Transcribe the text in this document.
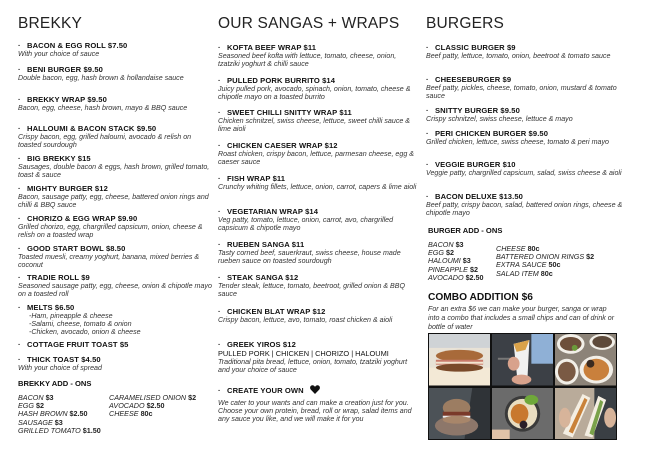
BREKKY
· BACON & EGG ROLL $7.50
With your choice of sauce
· BENI BURGER $9.50
Double bacon, egg, hash brown & hollandaise sauce
· BREKKY WRAP $9.50
Bacon, egg, cheese, hash brown, mayo & BBQ sauce
· HALLOUMI & BACON STACK $9.50
Crispy bacon, egg, grilled haloumi, avocado & relish on toasted sourdough
· BIG BREKKY $15
Sausages, double bacon & eggs, hash brown, grilled tomato, toast & sauce
· MIGHTY BURGER $12
Bacon, sausage patty, egg, cheese, battered onion rings and chilli & BBQ sauce
· CHORIZO & EGG WRAP $9.90
Grilled chorizo, egg, chargrilled capsicum, onion, cheese & relish on a toasted wrap
· GOOD START BOWL $8.50
Toasted muesli, creamy yoghurt, banana, mixed berries & coconut
· TRADIE ROLL $9
Seasoned sausage patty, egg, cheese, onion & chipotle mayo on a toasted roll
· MELTS $6.50
-Ham, pineapple & cheese
-Salami, cheese, tomato & onion
-Chicken, avocado, onion & cheese
· COTTAGE FRUIT TOAST $5
· THICK TOAST $4.50
With your choice of spread
BREKKY ADD - ONS
BACON $3
EGG $2
HASH BROWN $2.50
SAUSAGE $3
GRILLED TOMATO $1.50
CARAMELISED ONION $2
AVOCADO $2.50
CHEESE 80c
OUR SANGAS + WRAPS
· KOFTA BEEF WRAP $11
Seasoned beef kofta with lettuce, tomato, cheese, onion, tzatziki yoghurt & chilli sauce
· PULLED PORK BURRITO $14
Juicy pulled pork, avocado, spinach, onion, tomato, cheese & chipotle mayo on a toasted burrito
· SWEET CHILLI SNITTY WRAP $11
Chicken schnitzel, swiss cheese, lettuce, sweet chilli sauce & lime aioli
· CHICKEN CAESER WRAP $12
Roast chicken, crispy bacon, lettuce, parmesan cheese, egg & caeser sauce
· FISH WRAP $11
Crunchy whiting fillets, lettuce, onion, carrot, capers & lime aioli
· VEGETARIAN WRAP $14
Veg patty, tomato, lettuce, onion, carrot, avo, chargrilled capsicum & chipotle mayo
· RUEBEN SANGA $11
Tasty corned beef, sauerkraut, swiss cheese, house made rueben sauce on toasted sourdough
· STEAK SANGA $12
Tender steak, lettuce, tomato, beetroot, grilled onion & BBQ sauce
· CHICKEN BLAT WRAP $12
Crispy bacon, lettuce, avo, tomato, roast chicken & aioli
· GREEK YIROS $12
PULLED PORK | CHICKEN | CHORIZO | HALOUMI
Traditional pita bread, lettuce, onion, tomato, tzatziki yoghurt and your choice of sauce
· CREATE YOUR OWN
We cater to your wants and can make a creation just for you. Choose your own protein, bread, roll or wrap, salad items and any sauce you like, and we will make it for you
BURGERS
· CLASSIC BURGER $9
Beef patty, lettuce, tomato, onion, beetroot & tomato sauce
· CHEESEBURGER $9
Beef patty, pickles, cheese, tomato, onion, mustard & tomato sauce
· SNITTY BURGER $9.50
Crispy schnitzel, swiss cheese, lettuce & mayo
· PERI CHICKEN BURGER $9.50
Grilled chicken, lettuce, swiss cheese, tomato & peri mayo
· VEGGIE BURGER $10
Veggie patty, chargrilled capsicum, salad, swiss cheese & aioli
· BACON DELUXE $13.50
Beef patty, crispy bacon, salad, battered onion rings, cheese & chipotle mayo
BURGER ADD - ONS
BACON $3
EGG $2
HALOUMI $3
PINEAPPLE $2
AVOCADO $2.50
CHEESE 80c
BATTERED ONION RINGS $2
EXTRA SAUCE 50c
SALAD ITEM 80c
COMBO ADDITION $6
For an extra $6 we can make your burger, sanga or wrap into a combo that includes a small chips and can of drink or bottle of water
